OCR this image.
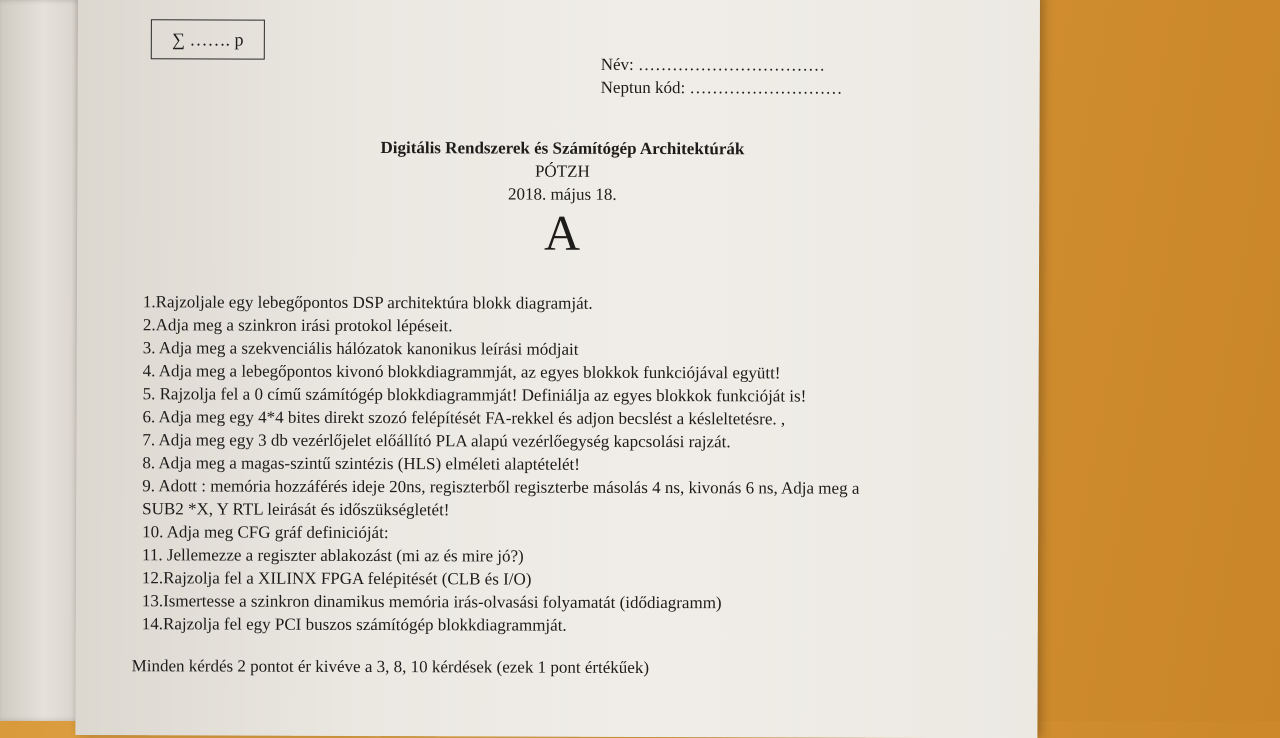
∑ ……. p
Név: ……………………………
Neptun kód: ………………………
Digitális Rendszerek és Számítógép Architektúrák
PÓTZH
2018. május 18.
A
1.Rajzoljale egy lebegőpontos DSP architektúra blokk diagramját.
2.Adja meg a szinkron irási protokol lépéseit.
3. Adja meg a szekvenciális hálózatok kanonikus leírási módjait
4. Adja meg a lebegőpontos kivonó blokkdiagrammját, az egyes blokkok funkciójával együtt!
5. Rajzolja fel a 0 című számítógép blokkdiagrammját! Definiálja az egyes blokkok funkcióját is!
6. Adja meg egy 4*4 bites direkt szozó felépítését FA-rekkel és adjon becslést a késleltetésre. ,
7. Adja meg egy 3 db vezérlőjelet előállító PLA alapú vezérlőegység kapcsolási rajzát.
8. Adja meg a magas-szintű szintézis (HLS) elméleti alaptételét!
9. Adott : memória hozzáférés ideje 20ns, regiszterből regiszterbe másolás 4 ns, kivonás 6 ns, Adja meg a
SUB2 *X, Y RTL leirását és időszükségletét!
10. Adja meg CFG gráf definicióját:
11. Jellemezze a regiszter ablakozást (mi az és mire jó?)
12.Rajzolja fel a XILINX FPGA felépitését (CLB és I/O)
13.Ismertesse a szinkron dinamikus memória irás-olvasási folyamatát (idődiagramm)
14.Rajzolja fel egy PCI buszos számítógép blokkdiagrammját.
Minden kérdés 2 pontot ér kivéve a 3, 8, 10 kérdések (ezek 1 pont értékűek)
